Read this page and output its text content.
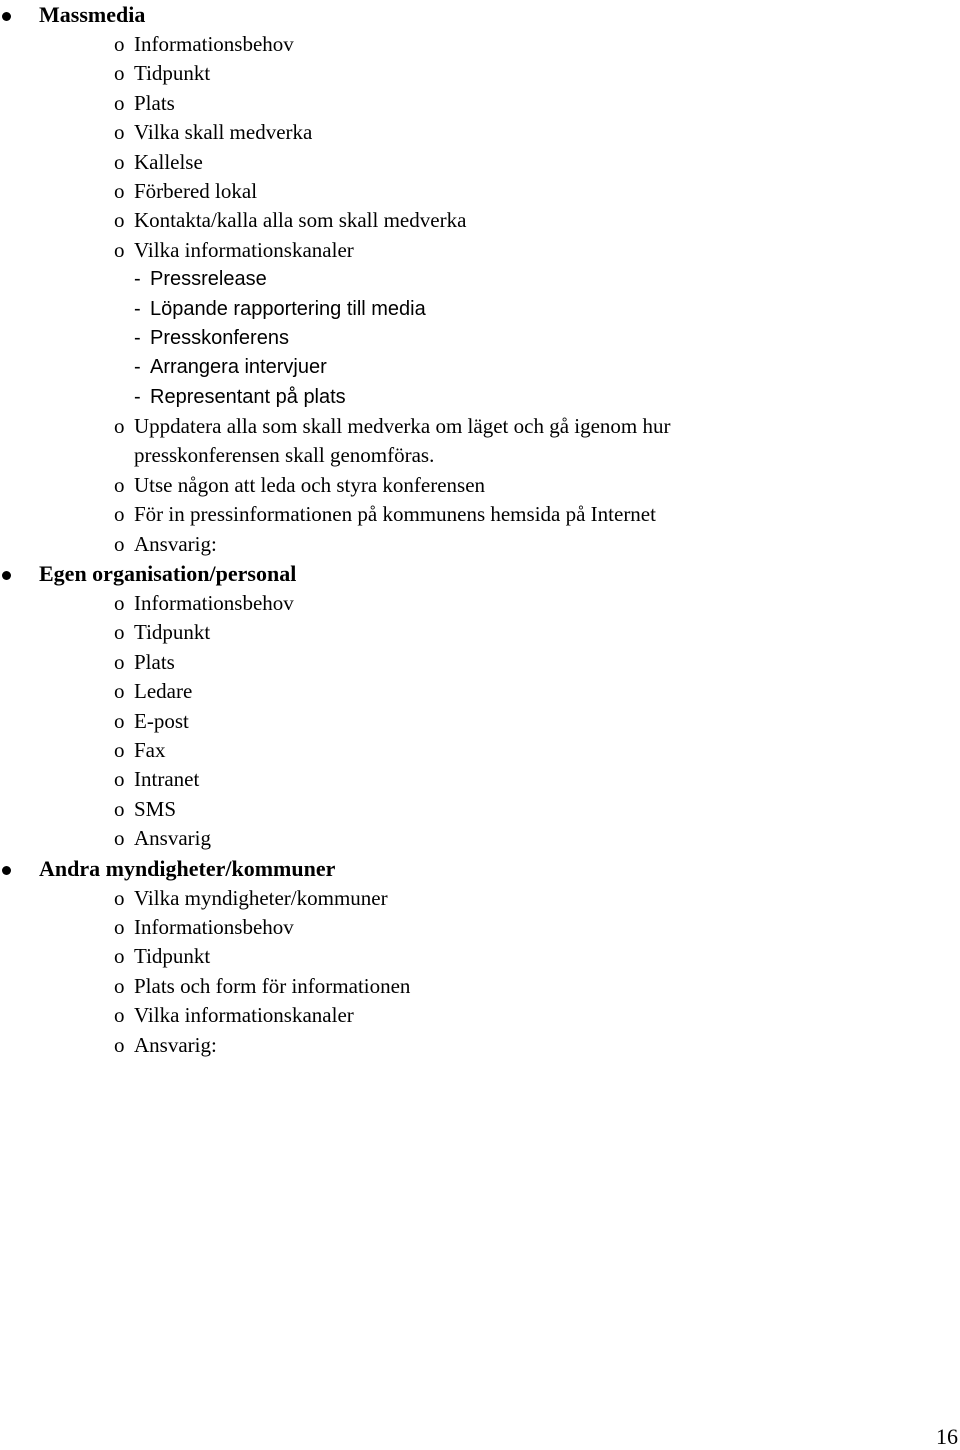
Massmedia
o Informationsbehov
o Tidpunkt
o Plats
o Vilka skall medverka
o Kallelse
o Förbered lokal
o Kontakta/kalla alla som skall medverka
o Vilka informationskanaler
- Pressrelease
- Löpande rapportering till media
- Presskonferens
- Arrangera intervjuer
- Representant på plats
o Uppdatera alla som skall medverka om läget och gå igenom hur
presskonferensen skall genomföras.
o Utse någon att leda och styra konferensen
o För in pressinformationen på kommunens hemsida på Internet
o Ansvarig:
Egen organisation/personal
o Informationsbehov
o Tidpunkt
o Plats
o Ledare
o E-post
o Fax
o Intranet
o SMS
o Ansvarig
Andra myndigheter/kommuner
o Vilka myndigheter/kommuner
o Informationsbehov
o Tidpunkt
o Plats och form för informationen
o Vilka informationskanaler
o Ansvarig:
16
